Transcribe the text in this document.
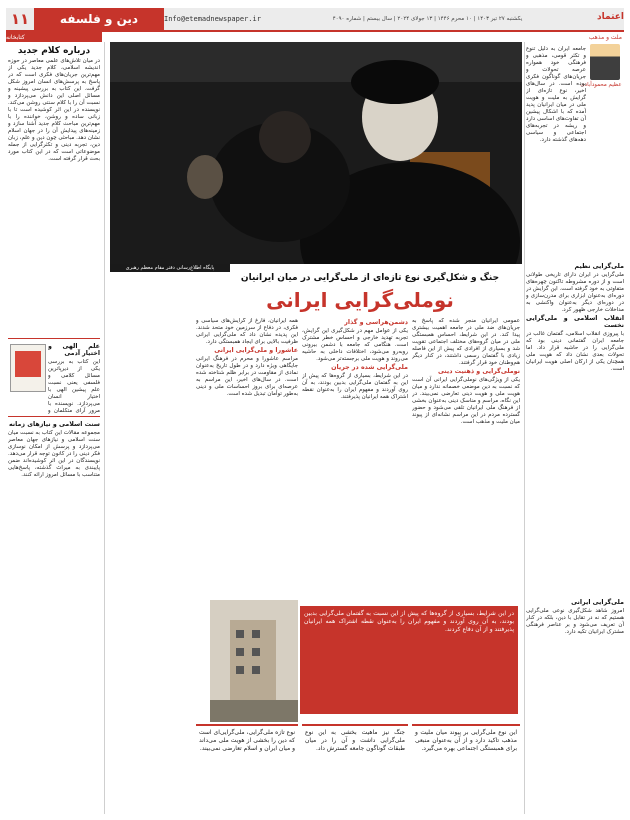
اعتماد
یکشنبه ۲۷ تیر ۱۴۰۳ | ۱۰ محرم ۱۴۴۶ | ۱۳ جولای ۲۰۲۴ | سال بیستم | شماره ۴۰۹۰
Info@etemadnewspaper.ir
دین و فلسفه
۱۱
ملت و مذهب
کتابخانه
عظیم محمودآبادی
جامعه ایران به دلیل تنوع و تکثر قومی، مذهبی و فرهنگی خود همواره عرصه تحولات و جریان‌های گوناگون فکری بوده است. در سال‌های اخیر، نوع تازه‌ای از گرایش به ملیت و هویت ملی در میان ایرانیان پدید آمده که با اشکال پیشین آن تفاوت‌های اساسی دارد و ریشه در تجربه‌های اجتماعی و سیاسی دهه‌های گذشته دارد.
ملی‌گرایی نظیم
ملی‌گرایی در ایران دارای تاریخی طولانی است و از دوره مشروطه تاکنون چهره‌های متفاوتی به خود گرفته است. این گرایش در دوره‌ای به‌عنوان ابزاری برای مدرن‌سازی و در دوره‌ای دیگر به‌عنوان واکنشی به مداخلات خارجی ظهور کرد.
انقلاب اسلامی و ملی‌گرایی نخست
با پیروزی انقلاب اسلامی، گفتمان غالب در جامعه ایران گفتمانی دینی بود که ملی‌گرایی را در حاشیه قرار داد. اما تحولات بعدی نشان داد که هویت ملی همچنان یکی از ارکان اصلی هویت ایرانیان است.
ملی‌گرایی ایرانی
امروز شاهد شکل‌گیری نوعی ملی‌گرایی هستیم که نه در تقابل با دین، بلکه در کنار آن تعریف می‌شود و بر عناصر فرهنگی مشترک ایرانیان تکیه دارد.
پایگاه اطلاع‌رسانی دفتر مقام معظم رهبری
جنگ و شکل‌گیری نوع تازه‌ای از ملی‌گرایی در میان ایرانیان
نوملی‌گرایی ایرانی
عمومی ایرانیان منجر شده که پاسخ به جریان‌های ضد ملی در جامعه اهمیت بیشتری پیدا کند. در این شرایط، احساس همبستگی ملی در میان گروه‌های مختلف اجتماعی تقویت شد و بسیاری از افرادی که پیش از این فاصله زیادی با گفتمان رسمی داشتند، در کنار دیگر هم‌وطنان خود قرار گرفتند.
نوملی‌گرایی و ذهنیت دینی
یکی از ویژگی‌های نوملی‌گرایی ایرانی آن است که نسبت به دین موضعی خصمانه ندارد و میان هویت ملی و هویت دینی تعارضی نمی‌بیند. در این نگاه، مراسم و مناسک دینی به‌عنوان بخشی از فرهنگ ملی ایرانیان تلقی می‌شود و حضور گسترده مردم در این مراسم نشانه‌ای از پیوند میان ملیت و مذهب است.
دشمن‌هراسی و گذار
یکی از عوامل مهم در شکل‌گیری این گرایش، تجربه تهدید خارجی و احساس خطر مشترک است. هنگامی که جامعه با دشمن بیرونی روبه‌رو می‌شود، اختلافات داخلی به حاشیه می‌روند و هویت ملی برجسته‌تر می‌شود.
ملی‌گرایی شده در جریان
در این شرایط، بسیاری از گروه‌ها که پیش از این به گفتمان ملی‌گرایی بدبین بودند، به آن روی آوردند و مفهوم ایران را به‌عنوان نقطه اشتراک همه ایرانیان پذیرفتند.
همه ایرانیان، فارغ از گرایش‌های سیاسی و فکری، در دفاع از سرزمین خود متحد شدند. این پدیده نشان داد که ملی‌گرایی ایرانی ظرفیت بالایی برای ایجاد همبستگی دارد.
عاشورا و ملی‌گرایی ایرانی
مراسم عاشورا و محرم در فرهنگ ایرانی جایگاهی ویژه دارد و در طول تاریخ به‌عنوان نمادی از مقاومت در برابر ظلم شناخته شده است. در سال‌های اخیر، این مراسم به عرصه‌ای برای بروز احساسات ملی و دینی به‌طور توأمان تبدیل شده است.
درباره کلام جدید
در میان تلاش‌های علمی معاصر در حوزه اندیشه اسلامی، کلام جدید یکی از مهم‌ترین جریان‌های فکری است که در پاسخ به پرسش‌های انسان امروز شکل گرفت. این کتاب به بررسی پیشینه و مسائل اصلی این دانش می‌پردازد و نسبت آن را با کلام سنتی روشن می‌کند. نویسنده در این اثر کوشیده است تا با زبانی ساده و روشن، خواننده را با مهم‌ترین مباحث کلام جدید آشنا سازد و زمینه‌های پیدایش آن را در جهان اسلام نشان دهد. مباحثی چون دین و علم، زبان دین، تجربه دینی و تکثرگرایی از جمله موضوعاتی است که در این کتاب مورد بحث قرار گرفته است.
علم الهی و اختیار آدمی
این کتاب به بررسی یکی از دیرپاترین مسائل کلامی و فلسفی یعنی نسبت علم پیشین الهی با اختیار انسان می‌پردازد. نویسنده با مرور آرای متکلمان و
سنت اسلامی و نیازهای زمانه
مجموعه مقالات این کتاب به نسبت میان سنت اسلامی و نیازهای جهان معاصر می‌پردازد و پرسش از امکان نوسازی فکر دینی را در کانون توجه قرار می‌دهد. نویسندگان در این اثر کوشیده‌اند ضمن پایبندی به میراث گذشته، پاسخ‌هایی متناسب با مسائل امروز ارائه کنند.
در این شرایط، بسیاری از گروه‌ها که پیش از این نسبت به گفتمان ملی‌گرایی بدبین بودند، به آن روی آوردند و مفهوم ایران را به‌عنوان نقطه اشتراک همه ایرانیان پذیرفتند و از آن دفاع کردند.
این نوع ملی‌گرایی بر پیوند میان ملیت و مذهب تاکید دارد و از آن به‌عنوان منبعی برای همبستگی اجتماعی بهره می‌گیرد.
جنگ نیز ماهیت بخشی به این نوع ملی‌گرایی داشت و آن را در میان طبقات گوناگون جامعه گسترش داد.
نوع تازه ملی‌گرایی، ملی‌گرایی‌ای است که دین را بخشی از هویت ملی می‌داند و میان ایران و اسلام تعارضی نمی‌بیند.
